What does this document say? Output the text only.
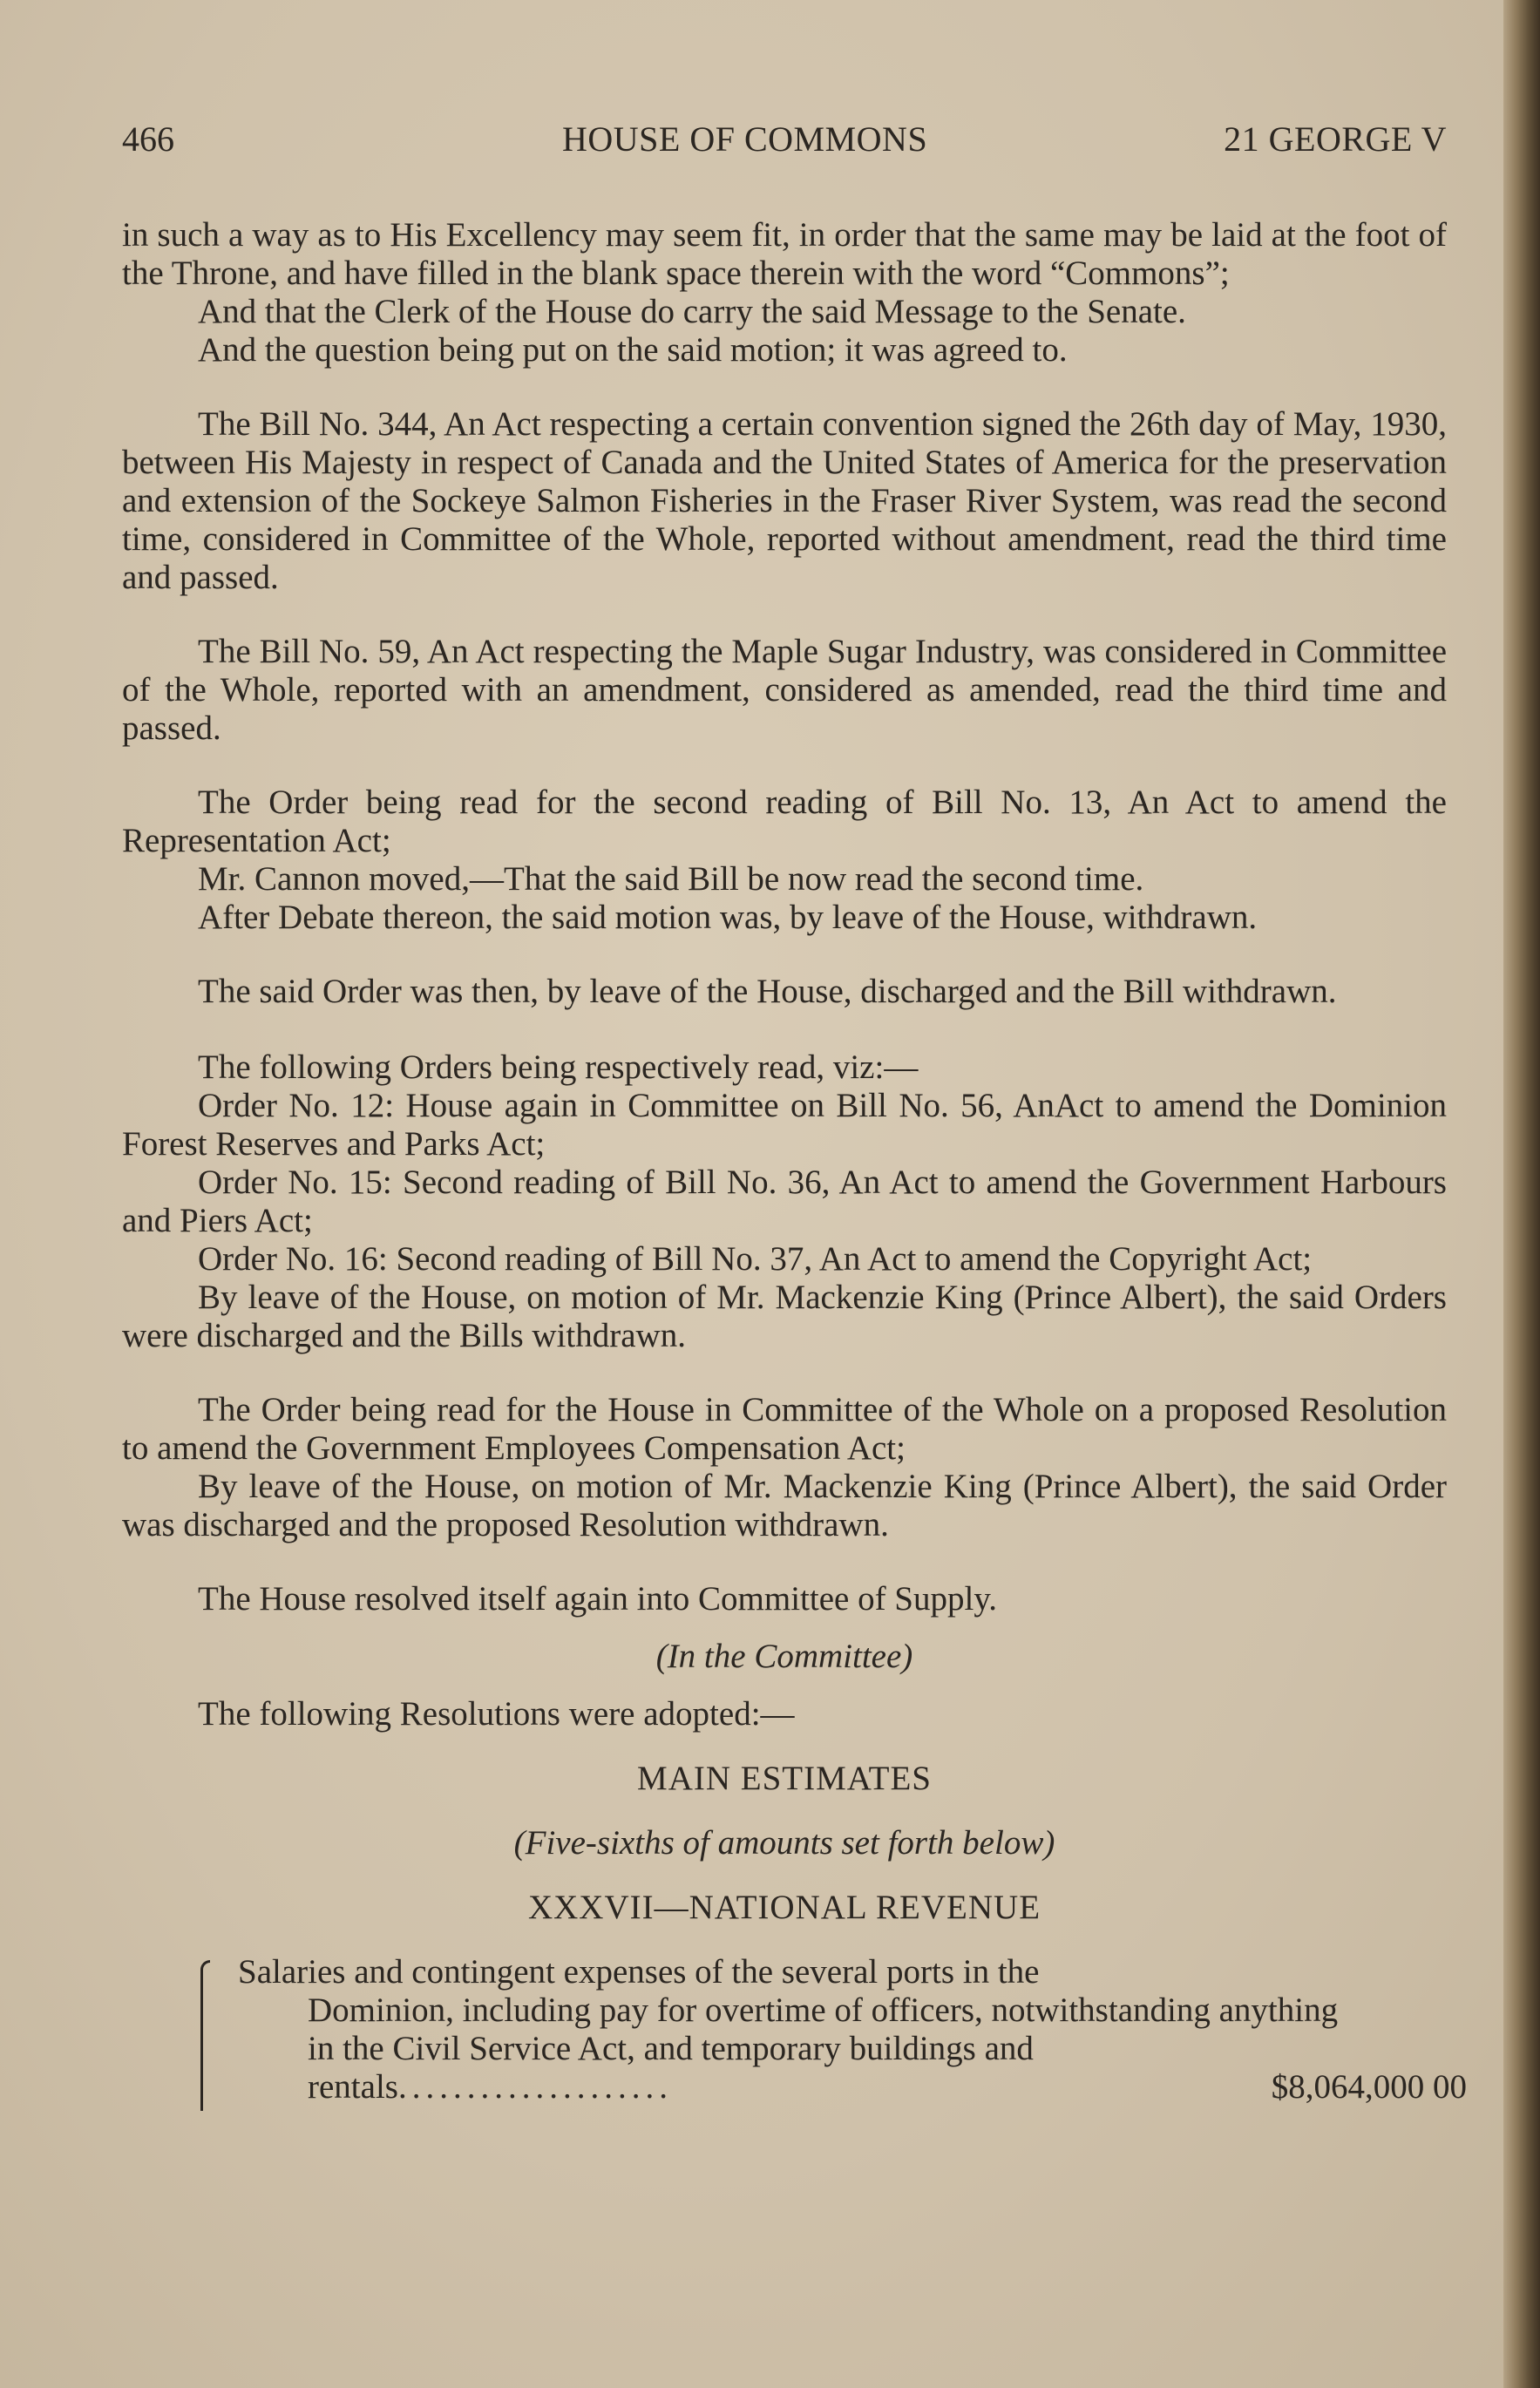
466	HOUSE OF COMMONS	21 GEORGE V

in such a way as to His Excellency may seem fit, in order that the same may be laid at the foot of the Throne, and have filled in the blank space therein with the word “Commons”;

And that the Clerk of the House do carry the said Message to the Senate.

And the question being put on the said motion; it was agreed to.

The Bill No. 344, An Act respecting a certain convention signed the 26th day of May, 1930, between His Majesty in respect of Canada and the United States of America for the preservation and extension of the Sockeye Salmon Fisheries in the Fraser River System, was read the second time, considered in Committee of the Whole, reported without amendment, read the third time and passed.

The Bill No. 59, An Act respecting the Maple Sugar Industry, was considered in Committee of the Whole, reported with an amendment, considered as amended, read the third time and passed.

The Order being read for the second reading of Bill No. 13, An Act to amend the Representation Act;

Mr. Cannon moved,—That the said Bill be now read the second time.

After Debate thereon, the said motion was, by leave of the House, withdrawn.

The said Order was then, by leave of the House, discharged and the Bill withdrawn.

The following Orders being respectively read, viz:—

Order No. 12: House again in Committee on Bill No. 56, AnAct to amend the Dominion Forest Reserves and Parks Act;

Order No. 15: Second reading of Bill No. 36, An Act to amend the Government Harbours and Piers Act;

Order No. 16: Second reading of Bill No. 37, An Act to amend the Copyright Act;

By leave of the House, on motion of Mr. Mackenzie King (Prince Albert), the said Orders were discharged and the Bills withdrawn.

The Order being read for the House in Committee of the Whole on a proposed Resolution to amend the Government Employees Compensation Act;

By leave of the House, on motion of Mr. Mackenzie King (Prince Albert), the said Order was discharged and the proposed Resolution withdrawn.

The House resolved itself again into Committee of Supply.

(In the Committee)

The following Resolutions were adopted:—

MAIN ESTIMATES

(Five-sixths of amounts set forth below)

XXXVII—NATIONAL REVENUE

Salaries and contingent expenses of the several ports in the
Dominion, including pay for overtime of officers, notwithstanding anything in the Civil Service Act, and temporary buildings and rentals....................	$8,064,000 00
